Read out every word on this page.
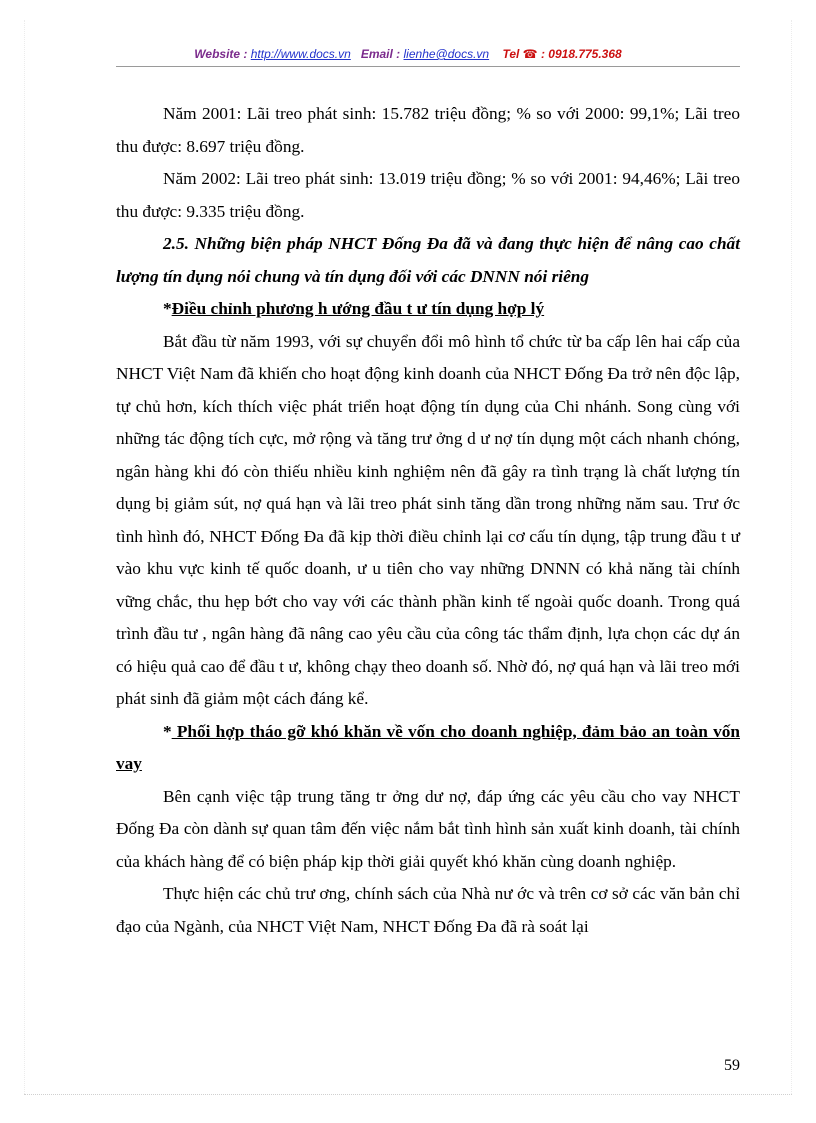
Website : http://www.docs.vn Email : lienhe@docs.vn Tel ☎ : 0918.775.368

Năm 2001: Lãi treo phát sinh: 15.782 triệu đồng; % so với 2000: 99,1%; Lãi treo thu được: 8.697 triệu đồng.

Năm 2002: Lãi treo phát sinh: 13.019 triệu đồng; % so với 2001: 94,46%; Lãi treo thu được: 9.335 triệu đồng.

2.5. Những biện pháp NHCT Đống Đa đã và đang thực hiện để nâng cao chất lượng tín dụng nói chung và tín dụng đối với các DNNN nói riêng

*Điều chỉnh phương h ướng đầu t ư tín dụng hợp lý

Bắt đầu từ năm 1993, với sự chuyển đổi mô hình tổ chức từ ba cấp lên hai cấp của NHCT Việt Nam đã khiến cho hoạt động kinh doanh của NHCT Đống Đa trở nên độc lập, tự chủ hơn, kích thích việc phát triển hoạt động tín dụng của Chi nhánh. Song cùng với những tác động tích cực, mở rộng và tăng trư ởng d ư nợ tín dụng một cách nhanh chóng, ngân hàng khi đó còn thiếu nhiều kinh nghiệm nên đã gây ra tình trạng là chất lượng tín dụng bị giảm sút, nợ quá hạn và lãi treo phát sinh tăng dần trong những năm sau. Trư ớc tình hình đó, NHCT Đống Đa đã kịp thời điều chỉnh lại cơ cấu tín dụng, tập trung đầu t ư vào khu vực kinh tế quốc doanh, ư u tiên cho vay những DNNN có khả năng tài chính vững chắc, thu hẹp bớt cho vay với các thành phần kinh tế ngoài quốc doanh. Trong quá trình đầu tư , ngân hàng đã nâng cao yêu cầu của công tác thẩm định, lựa chọn các dự án có hiệu quả cao để đầu t ư, không chạy theo doanh số. Nhờ đó, nợ quá hạn và lãi treo mới phát sinh đã giảm một cách đáng kể.

* Phối hợp tháo gỡ khó khăn về vốn cho doanh nghiệp, đảm bảo an toàn vốn vay

Bên cạnh việc tập trung tăng tr ởng dư nợ, đáp ứng các yêu cầu cho vay NHCT Đống Đa còn dành sự quan tâm đến việc nắm bắt tình hình sản xuất kinh doanh, tài chính của khách hàng để có biện pháp kịp thời giải quyết khó khăn cùng doanh nghiệp.

Thực hiện các chủ trư ơng, chính sách của Nhà nư ớc và trên cơ sở các văn bản chỉ đạo của Ngành, của NHCT Việt Nam, NHCT Đống Đa đã rà soát lại

59
